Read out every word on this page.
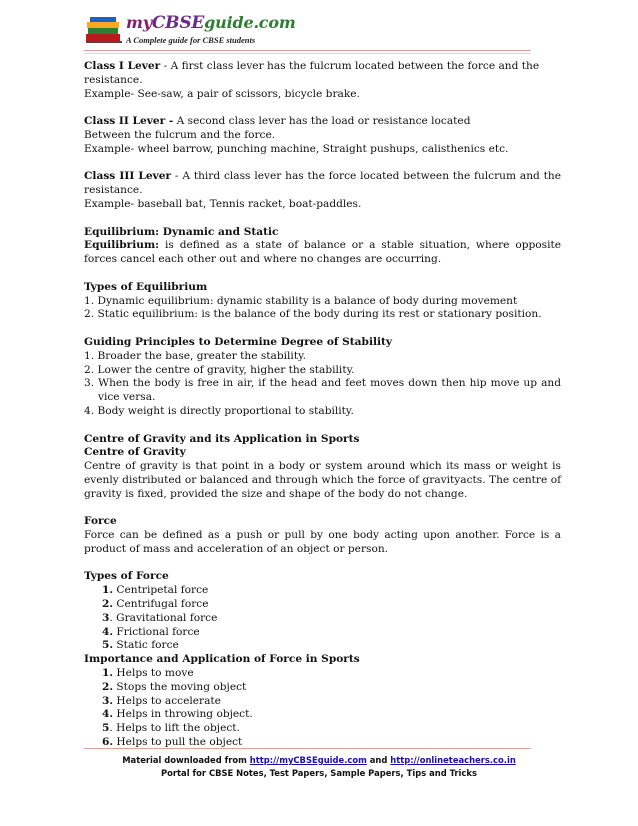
myCBSEguide.com
A Complete guide for CBSE students

Class I Lever - A first class lever has the fulcrum located between the force and the resistance.
Example- See-saw, a pair of scissors, bicycle brake.

Class II Lever - A second class lever has the load or resistance located
Between the fulcrum and the force.
Example- wheel barrow, punching machine, Straight pushups, calisthenics etc.

Class III Lever - A third class lever has the force located between the fulcrum and the resistance.
Example- baseball bat, Tennis racket, boat-paddles.

Equilibrium: Dynamic and Static
Equilibrium: is defined as a state of balance or a stable situation, where opposite forces cancel each other out and where no changes are occurring.

Types of Equilibrium
1. Dynamic equilibrium: dynamic stability is a balance of body during movement
2. Static equilibrium: is the balance of the body during its rest or stationary position.

Guiding Principles to Determine Degree of Stability
1. Broader the base, greater the stability.
2. Lower the centre of gravity, higher the stability.
3. When the body is free in air, if the head and feet moves down then hip move up and vice versa.
4. Body weight is directly proportional to stability.
Centre of Gravity and its Application in Sports
Centre of Gravity
Centre of gravity is that point in a body or system around which its mass or weight is evenly distributed or balanced and through which the force of gravityacts. The centre of gravity is fixed, provided the size and shape of the body do not change.
Force
Force can be defined as a push or pull by one body acting upon another. Force is a product of mass and acceleration of an object or person.
Types of Force
1. Centripetal force
2. Centrifugal force
3. Gravitational force
4. Frictional force
5. Static force
Importance and Application of Force in Sports
1. Helps to move
2. Stops the moving object
3. Helps to accelerate
4. Helps in throwing object.
5. Helps to lift the object.
6. Helps to pull the object
Material downloaded from http://myCBSEguide.com and http://onlineteachers.co.in
Portal for CBSE Notes, Test Papers, Sample Papers, Tips and Tricks
